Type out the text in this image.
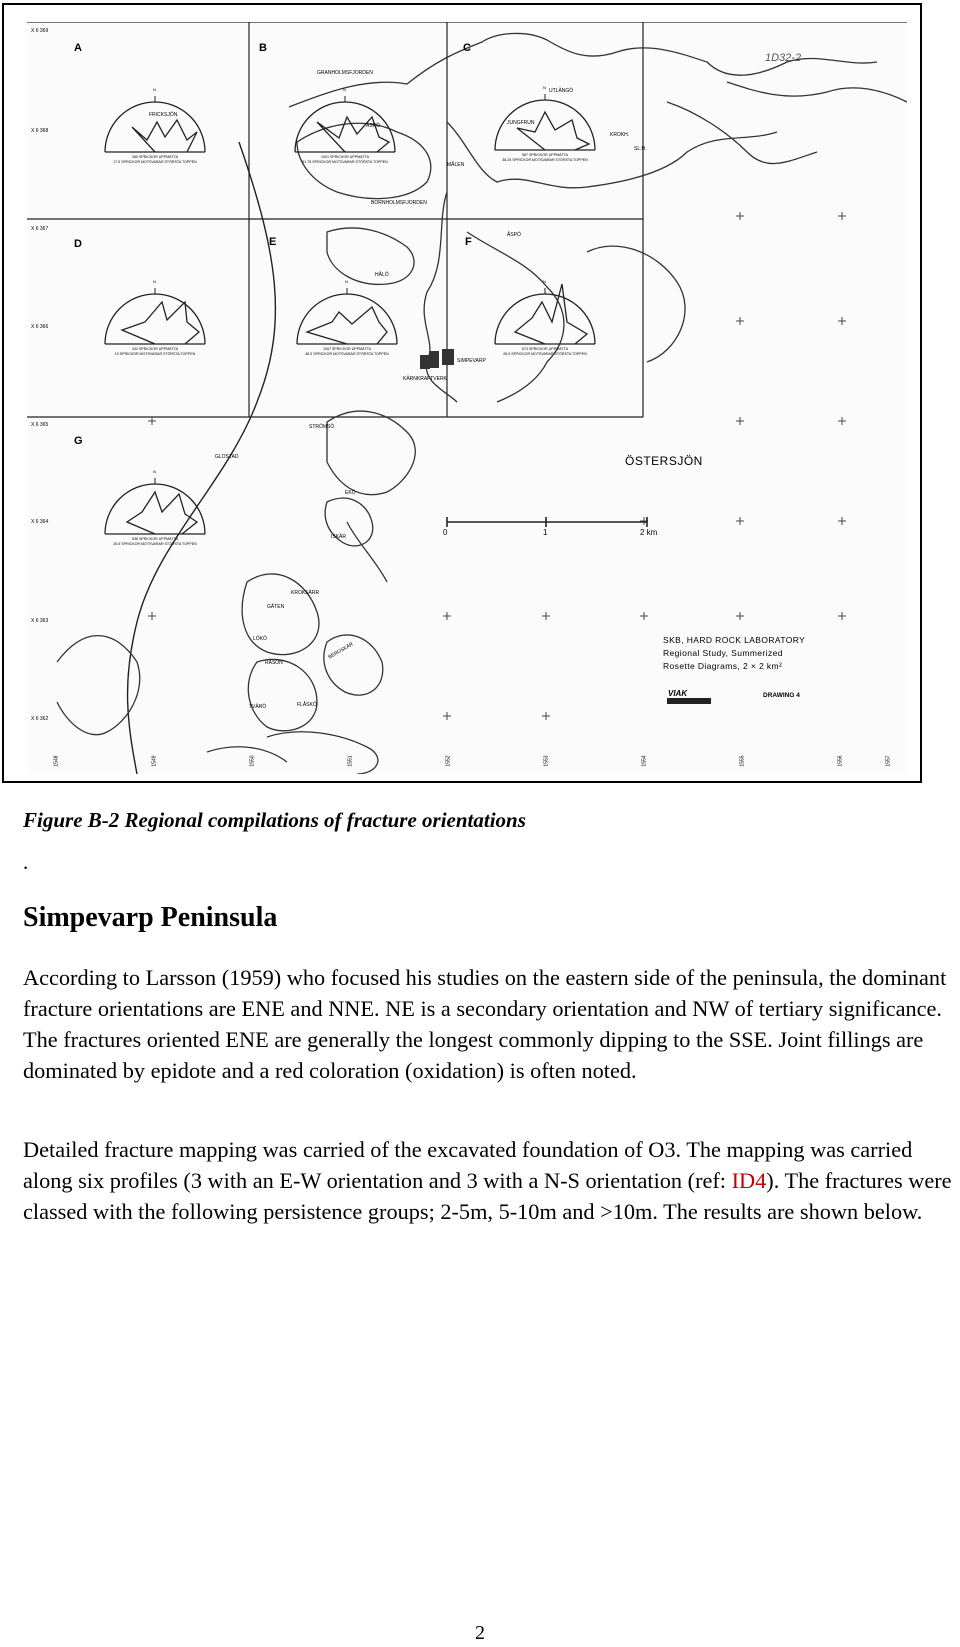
1D32-2
A	B	C
D	E	F
G
X 6 369
X 6 368
X 6 367
X 6 366
X 6 365
X 6 364
X 6 363
X 6 362
1548	1549	1550	1551	1552	1553	1554	1555	1556	1557
GRANHOLMSFJORDEN
FRICKSJÖN
ÄSPÖ	JUNGFRUN
UTLÄNGÖ
KROKH.
SL.H.
MÅLEN
BORNHOLMSFJORDEN
ÅSPÖ
HÅLÖ
SIMPEVARP
KÄRNKRAFTVERK
STRÖMSÖ
GLOSTAD
EKÖ
ISKÄR
KROKSÄRR
GÄTEN
LÖKÖ
RÅSÖN
BERGSKÄR
FLÅSKÖ
TVÄRÖ
ÖSTERSJÖN
N	N	N
N	N	N
N
265 SPRICKOR UPPMÄTTA
17.5 SPRICKOR MOTSVARAR STÖRSTA TOPPEN
1001 SPRICKOR UPPMÄTTA
51.75 SPRICKOR MOTSVARAR STÖRSTA TOPPEN
587 SPRICKOR UPPMÄTTA
38.25 SPRICKOR MOTSVARAR STÖRSTA TOPPEN
432 SPRICKOR UPPMÄTTA
19 SPRICKOR MOTSVARAR STÖRSTA TOPPEN
1007 SPRICKOR UPPMÄTTA
48.5 SPRICKOR MOTSVARAR STÖRSTA TOPPEN
573 SPRICKOR UPPMÄTTA
26.5 SPRICKOR MOTSVARAR STÖRSTA TOPPEN
536 SPRICKOR UPPMÄTTA
26.5 SPRICKOR MOTSVARAR STÖRSTA TOPPEN
0	1	2 km
SKB, HARD ROCK LABORATORY
Regional Study, Summerized
Rosette Diagrams, 2 × 2 km²
VIAK	DRAWING 4
Figure B-2 Regional compilations of fracture orientations
.
Simpevarp Peninsula

According to Larsson (1959) who focused his studies on the eastern side of the peninsula, the dominant fracture orientations are ENE and NNE. NE is a secondary orientation and NW of tertiary significance. The fractures oriented ENE are generally the longest commonly dipping to the SSE. Joint fillings are dominated by epidote and a red coloration (oxidation) is often noted.

Detailed fracture mapping was carried of the excavated foundation of O3. The mapping was carried along six profiles (3 with an E-W orientation and 3 with a N-S orientation (ref: ID4). The fractures were classed with the following persistence groups; 2-5m, 5-10m and >10m. The results are shown below.

2
